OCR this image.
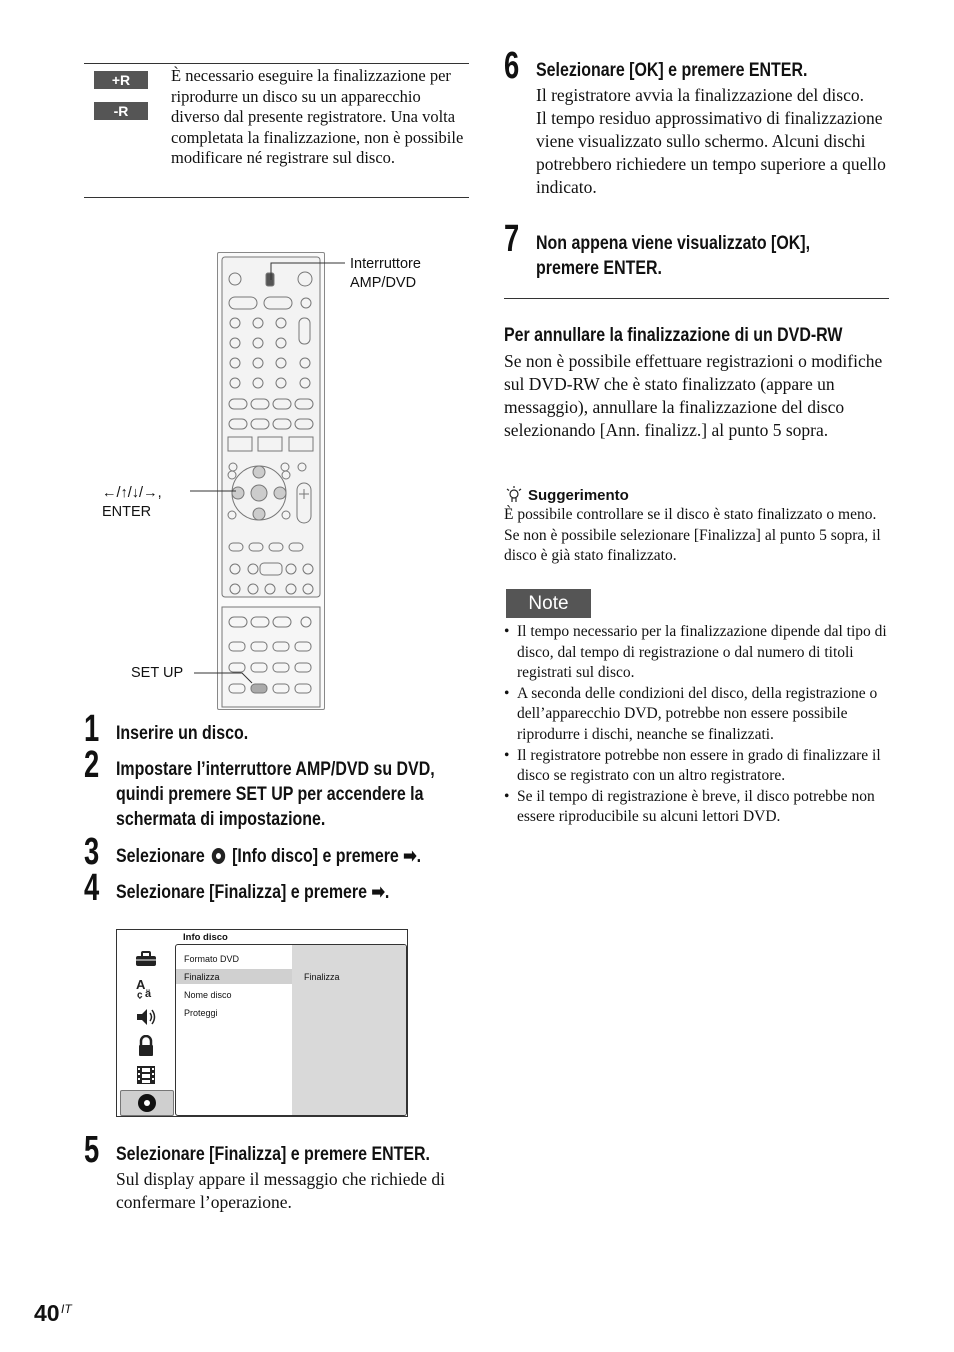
+R
-R
È necessario eseguire la finalizzazione per riprodurre un disco su un apparecchio diverso dal presente registratore. Una volta completata la finalizzazione, non è possibile modificare né registrare sul disco.
Interruttore
AMP/DVD
←/↑/↓/→,
ENTER
SET UP
1 Inserire un disco.
2 Impostare l’interruttore AMP/DVD su DVD,
quindi premere SET UP per accendere la
schermata di impostazione.
3 Selezionare [Info disco] e premere ➡.
4 Selezionare [Finalizza] e premere ➡.
Info disco
A
ä
ç
Formato DVD
Finalizza
Nome disco
Proteggi
Finalizza
5 Selezionare [Finalizza] e premere ENTER.
Sul display appare il messaggio che richiede di confermare l’operazione.
6 Selezionare [OK] e premere ENTER.
Il registratore avvia la finalizzazione del disco.
Il tempo residuo approssimativo di finalizzazione viene visualizzato sullo schermo. Alcuni dischi potrebbero richiedere un tempo superiore a quello indicato.
7 Non appena viene visualizzato [OK],
premere ENTER.
Per annullare la finalizzazione di un DVD-RW
Se non è possibile effettuare registrazioni o modifiche sul DVD-RW che è stato finalizzato (appare un messaggio), annullare la finalizzazione del disco selezionando [Ann. finalizz.] al punto 5 sopra.
Suggerimento
È possibile controllare se il disco è stato finalizzato o meno. Se non è possibile selezionare [Finalizza] al punto 5 sopra, il disco è già stato finalizzato.
Note
• Il tempo necessario per la finalizzazione dipende dal tipo di disco, dal tempo di registrazione o dal numero di titoli registrati sul disco.
• A seconda delle condizioni del disco, della registrazione o dell’apparecchio DVD, potrebbe non essere possibile riprodurre i dischi, neanche se finalizzati.
• Il registratore potrebbe non essere in grado di finalizzare il disco se registrato con un altro registratore.
• Se il tempo di registrazione è breve, il disco potrebbe non essere riproducibile su alcuni lettori DVD.
40 IT
